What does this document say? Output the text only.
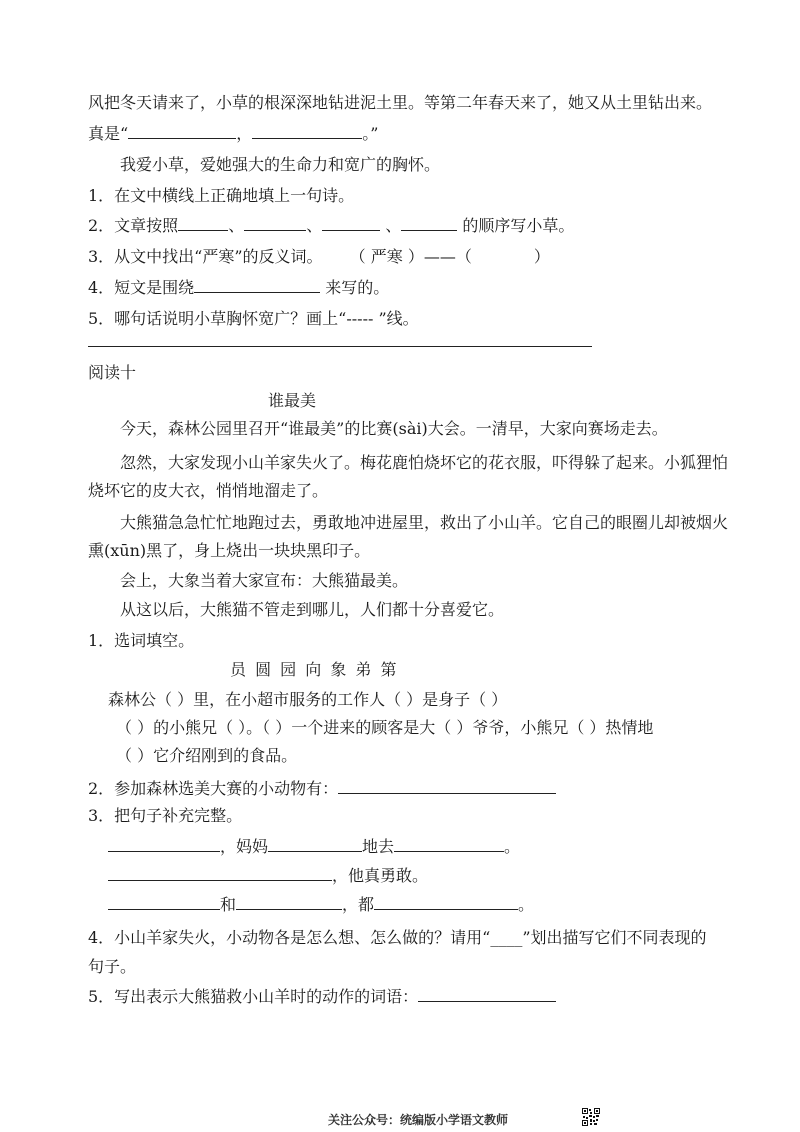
风把冬天请来了，小草的根深深地钻进泥土里。等第二年春天来了，她又从土里钻出来。
真是“	，	。”
我爱小草，爱她强大的生命力和宽广的胸怀。
1．在文中横线上正确地填上一句诗。
2．文章按照	、	、	、	的顺序写小草。
3．从文中找出“严寒”的反义词。 （ 严寒 ）——（	）
4．短文是围绕	来写的。
5．哪句话说明小草胸怀宽广？画上“----- ”线。
阅读十
谁最美
今天，森林公园里召开“谁最美”的比赛(sài)大会。一清早，大家向赛场走去。
忽然，大家发现小山羊家失火了。梅花鹿怕烧坏它的花衣服，吓得躲了起来。小狐狸怕
烧坏它的皮大衣，悄悄地溜走了。
大熊猫急急忙忙地跑过去，勇敢地冲进屋里，救出了小山羊。它自己的眼圈儿却被烟火
熏(xūn)黑了，身上烧出一块块黑印子。
会上，大象当着大家宣布：大熊猫最美。
从这以后，大熊猫不管走到哪儿，人们都十分喜爱它。
1．选词填空。
员 圆 园 向 象 弟 第
森林公（ ）里，在小超市服务的工作人（ ）是身子（ ）
（ ）的小熊兄（ ）。（ ）一个进来的顾客是大（ ）爷爷，小熊兄（ ）热情地
（ ）它介绍刚到的食品。
2．参加森林选美大赛的小动物有：
3．把句子补充完整。
，妈妈	地去	。
，他真勇敢。
和	，都	。
4．小山羊家失火，小动物各是怎么想、怎么做的？请用“____”划出描写它们不同表现的
句子。
5．写出表示大熊猫救小山羊时的动作的词语：
关注公众号：统编版小学语文教师
